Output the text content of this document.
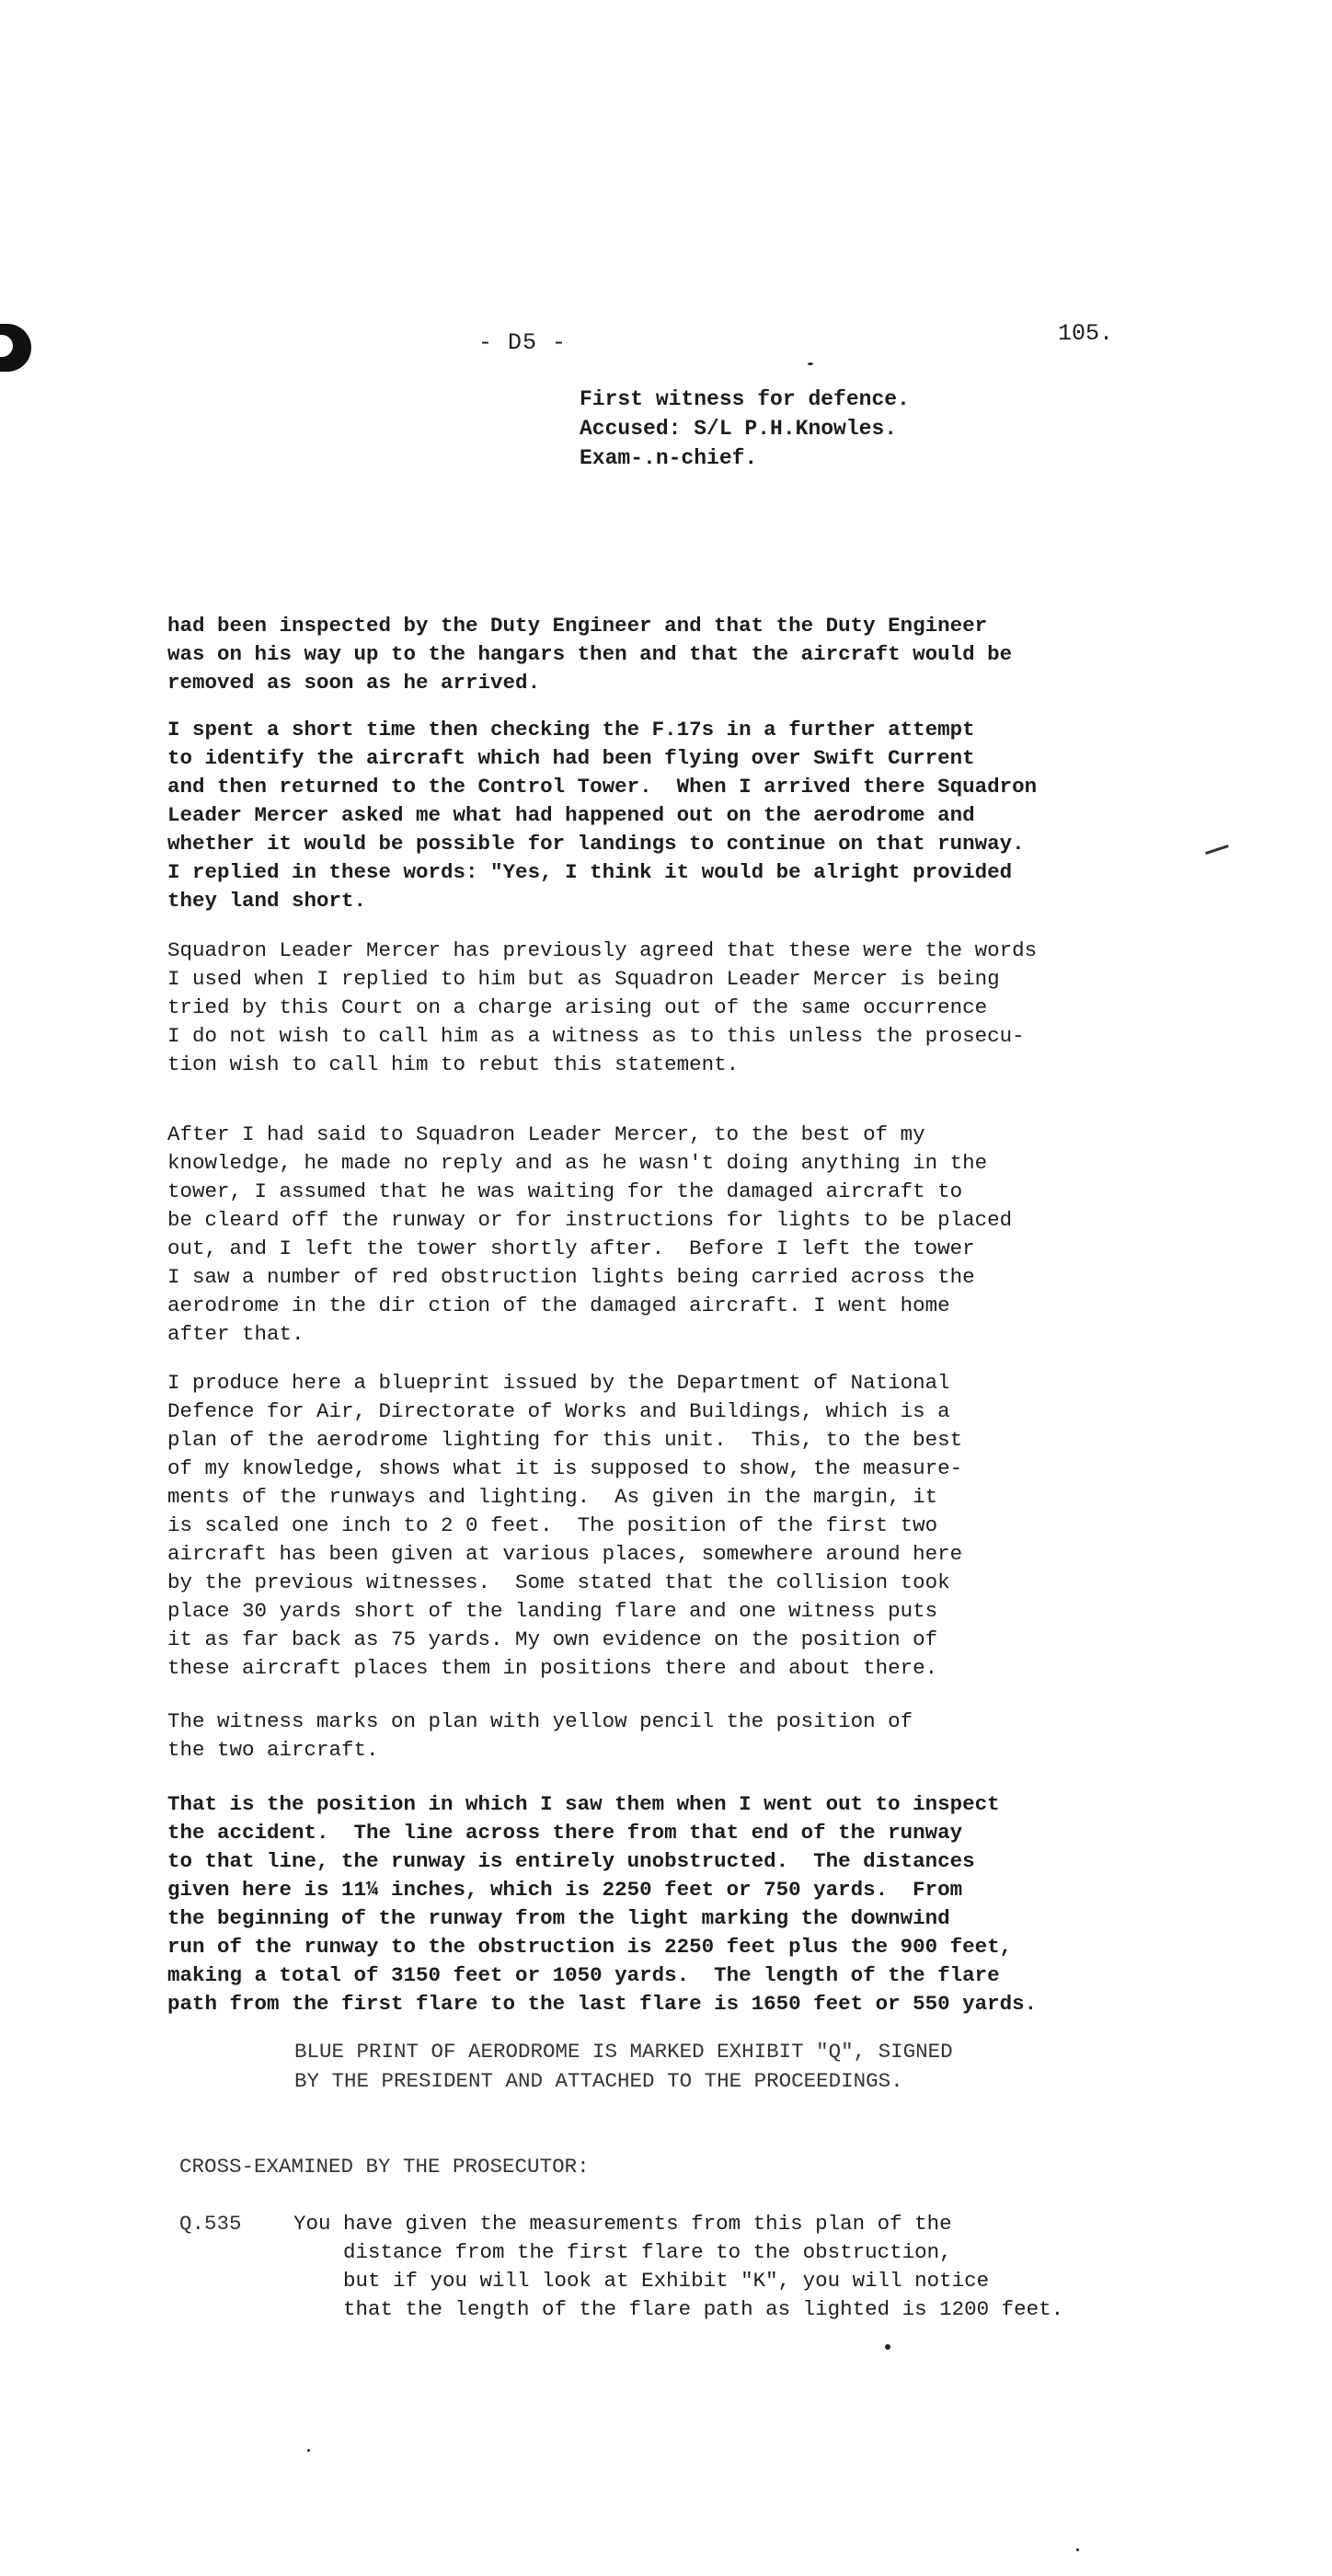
- D5 -	105.
First witness for defence.
Accused: S/L P.H.Knowles.
Exam-.n-chief.
had been inspected by the Duty Engineer and that the Duty Engineer
was on his way up to the hangars then and that the aircraft would be
removed as soon as he arrived.
I spent a short time then checking the F.17s in a further attempt
to identify the aircraft which had been flying over Swift Current
and then returned to the Control Tower.  When I arrived there Squadron
Leader Mercer asked me what had happened out on the aerodrome and
whether it would be possible for landings to continue on that runway.
I replied in these words: "Yes, I think it would be alright provided
they land short.
Squadron Leader Mercer has previously agreed that these were the words
I used when I replied to him but as Squadron Leader Mercer is being
tried by this Court on a charge arising out of the same occurrence
I do not wish to call him as a witness as to this unless the prosecu-
tion wish to call him to rebut this statement.
After I had said to Squadron Leader Mercer, to the best of my
knowledge, he made no reply and as he wasn't doing anything in the
tower, I assumed that he was waiting for the damaged aircraft to
be cleard off the runway or for instructions for lights to be placed
out, and I left the tower shortly after.  Before I left the tower
I saw a number of red obstruction lights being carried across the
aerodrome in the dir ction of the damaged aircraft. I went home
after that.
I produce here a blueprint issued by the Department of National
Defence for Air, Directorate of Works and Buildings, which is a
plan of the aerodrome lighting for this unit.  This, to the best
of my knowledge, shows what it is supposed to show, the measure-
ments of the runways and lighting.  As given in the margin, it
is scaled one inch to 2 0 feet.  The position of the first two
aircraft has been given at various places, somewhere around here
by the previous witnesses.  Some stated that the collision took
place 30 yards short of the landing flare and one witness puts
it as far back as 75 yards. My own evidence on the position of
these aircraft places them in positions there and about there.
The witness marks on plan with yellow pencil the position of
the two aircraft.
That is the position in which I saw them when I went out to inspect
the accident.  The line across there from that end of the runway
to that line, the runway is entirely unobstructed.  The distances
given here is 11¼ inches, which is 2250 feet or 750 yards.  From
the beginning of the runway from the light marking the downwind
run of the runway to the obstruction is 2250 feet plus the 900 feet,
making a total of 3150 feet or 1050 yards.  The length of the flare
path from the first flare to the last flare is 1650 feet or 550 yards.
BLUE PRINT OF AERODROME IS MARKED EXHIBIT "Q", SIGNED
BY THE PRESIDENT AND ATTACHED TO THE PROCEEDINGS.
CROSS-EXAMINED BY THE PROSECUTOR:
Q.535	You have given the measurements from this plan of the
distance from the first flare to the obstruction,
but if you will look at Exhibit "K", you will notice
that the length of the flare path as lighted is 1200 feet.
